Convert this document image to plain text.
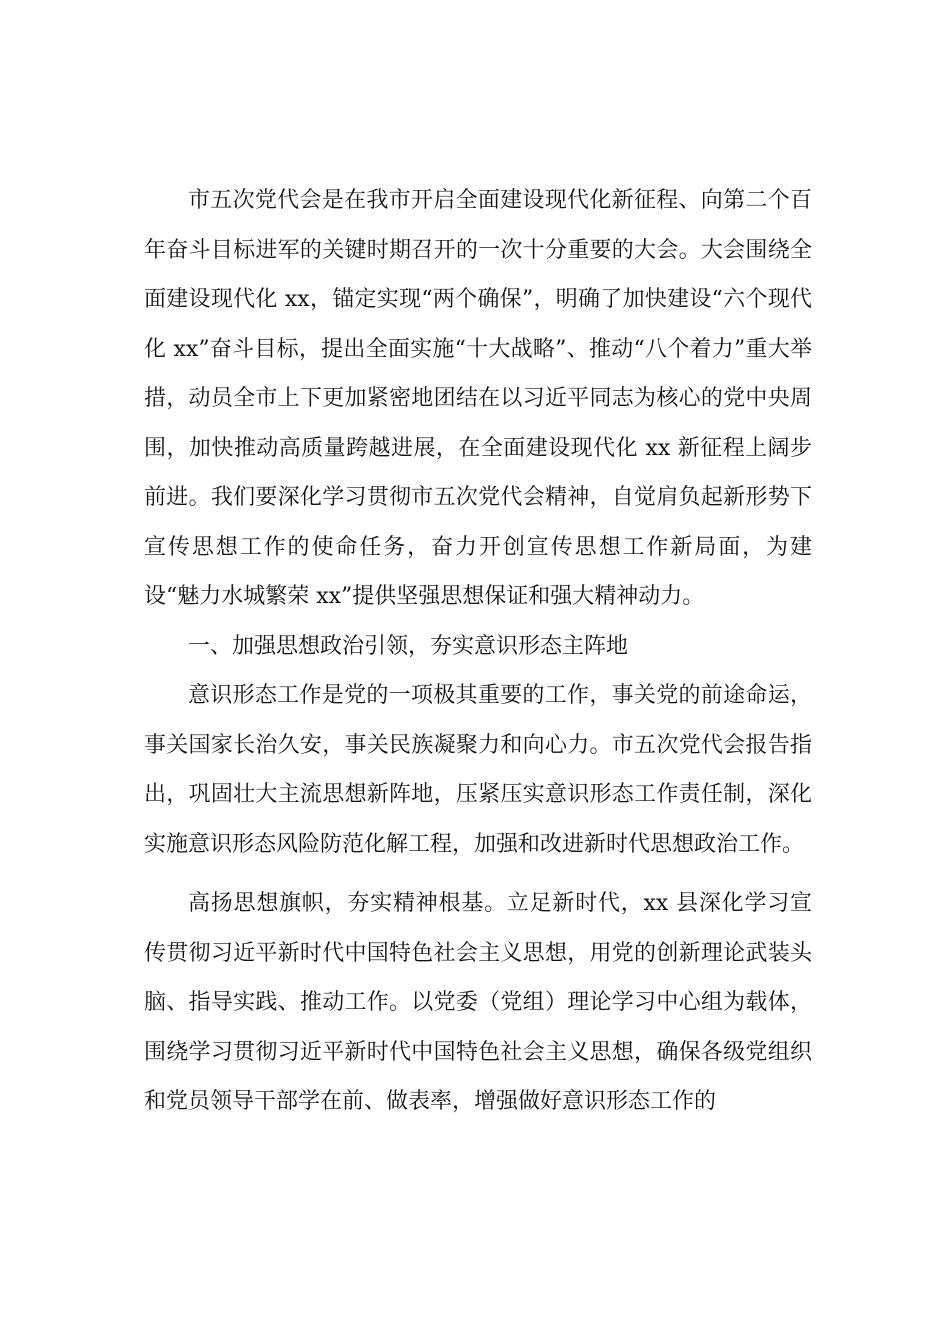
市五次党代会是在我市开启全面建设现代化新征程、向第二个百年奋斗目标进军的关键时期召开的一次十分重要的大会。大会围绕全面建设现代化 xx，锚定实现“两个确保”，明确了加快建设“六个现代化 xx”奋斗目标，提出全面实施“十大战略”、推动“八个着力”重大举措，动员全市上下更加紧密地团结在以习近平同志为核心的党中央周围，加快推动高质量跨越进展，在全面建设现代化 xx 新征程上阔步前进。我们要深化学习贯彻市五次党代会精神，自觉肩负起新形势下宣传思想工作的使命任务，奋力开创宣传思想工作新局面，为建设“魅力水城繁荣 xx”提供坚强思想保证和强大精神动力。

一、加强思想政治引领，夯实意识形态主阵地

意识形态工作是党的一项极其重要的工作，事关党的前途命运，事关国家长治久安，事关民族凝聚力和向心力。市五次党代会报告指出，巩固壮大主流思想新阵地，压紧压实意识形态工作责任制，深化实施意识形态风险防范化解工程，加强和改进新时代思想政治工作。

高扬思想旗帜，夯实精神根基。立足新时代，xx 县深化学习宣传贯彻习近平新时代中国特色社会主义思想，用党的创新理论武装头脑、指导实践、推动工作。以党委（党组）理论学习中心组为载体，围绕学习贯彻习近平新时代中国特色社会主义思想，确保各级党组织和党员领导干部学在前、做表率，增强做好意识形态工作的
